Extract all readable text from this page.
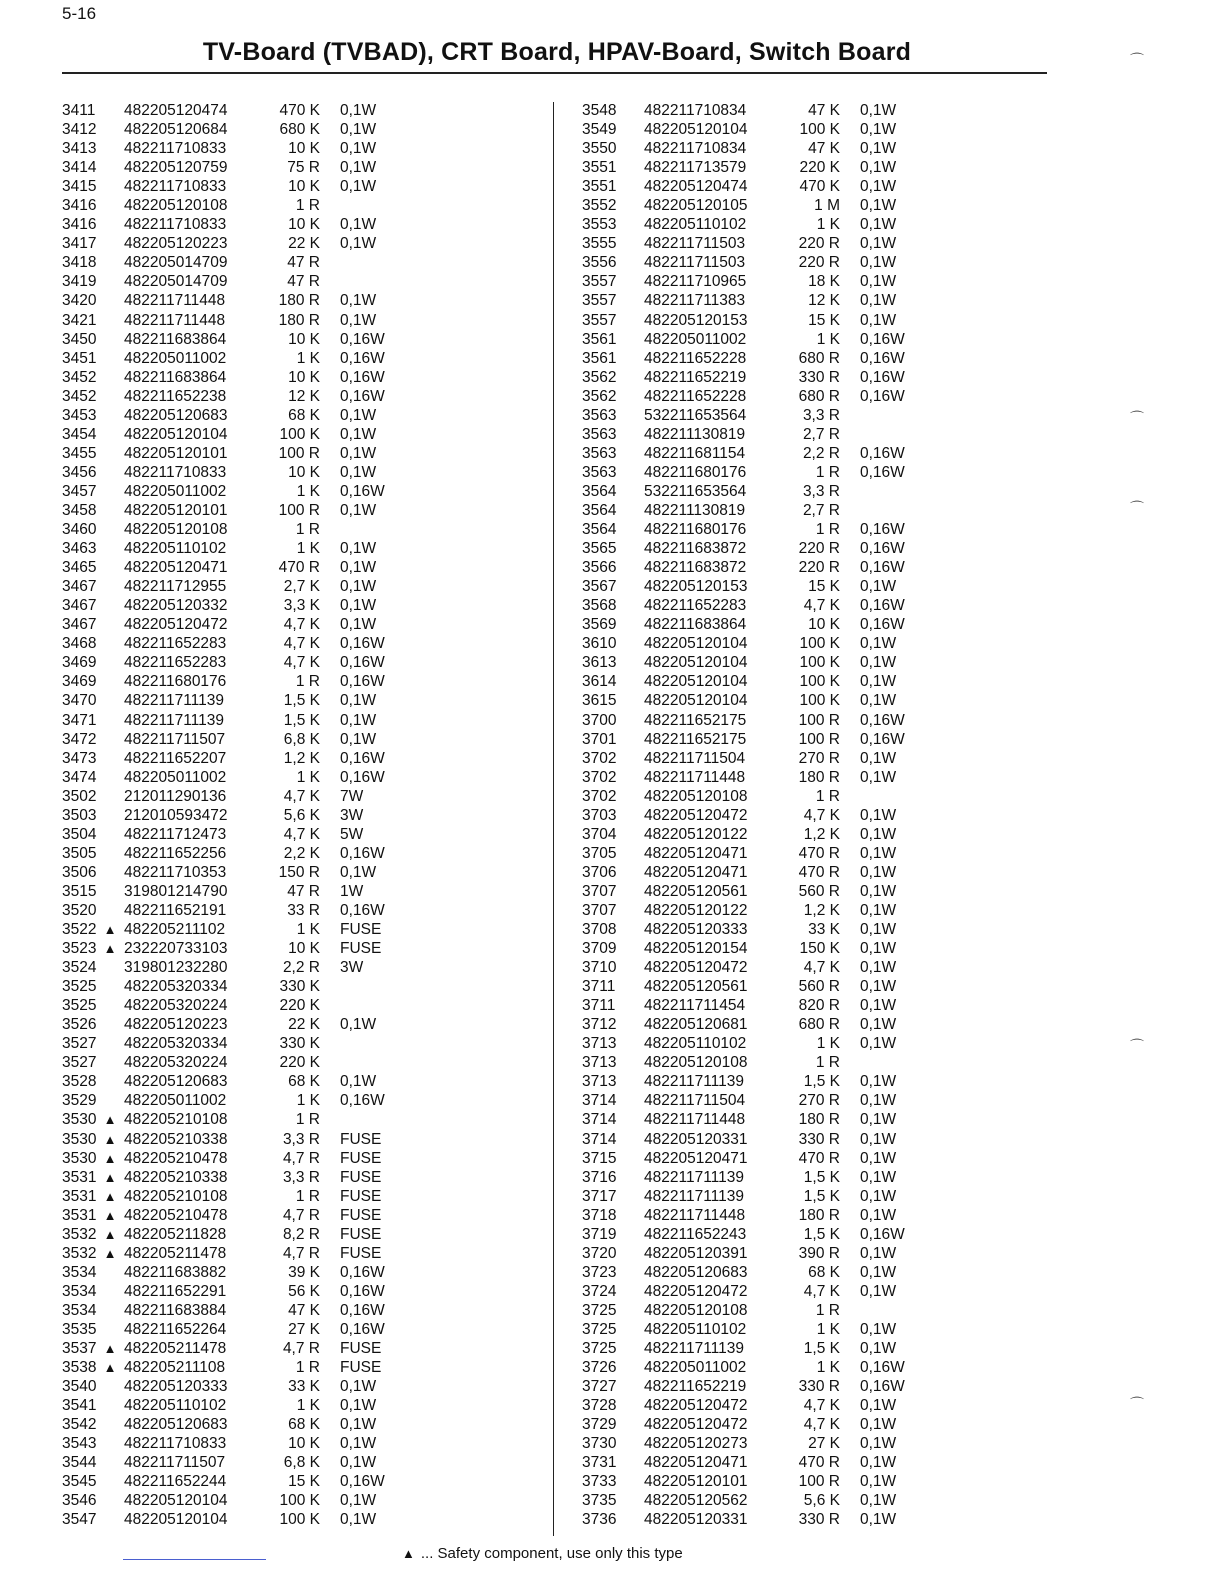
5-16
TV-Board (TVBAD), CRT Board, HPAV-Board, Switch Board
3411 482205120474	470 K 0,1W
3412 482205120684	680 K 0,1W
3413 482211710833	10 K 0,1W
3414 482205120759	75 R 0,1W
3415 482211710833	10 K 0,1W
3416 482205120108	1 R
3416 482211710833	10 K 0,1W
3417 482205120223	22 K 0,1W
3418 482205014709	47 R
3419 482205014709	47 R
3420 482211711448	180 R 0,1W
3421 482211711448	180 R 0,1W
3450 482211683864	10 K 0,16W
3451 482205011002	1 K 0,16W
3452 482211683864	10 K 0,16W
3452 482211652238	12 K 0,16W
3453 482205120683	68 K 0,1W
3454 482205120104	100 K 0,1W
3455 482205120101	100 R 0,1W
3456 482211710833	10 K 0,1W
3457 482205011002	1 K 0,16W
3458 482205120101	100 R 0,1W
3460 482205120108	1 R
3463 482205110102	1 K 0,1W
3465 482205120471	470 R 0,1W
3467 482211712955	2,7 K 0,1W
3467 482205120332	3,3 K 0,1W
3467 482205120472	4,7 K 0,1W
3468 482211652283	4,7 K 0,16W
3469 482211652283	4,7 K 0,16W
3469 482211680176	1 R 0,16W
3470 482211711139	1,5 K 0,1W
3471 482211711139	1,5 K 0,1W
3472 482211711507	6,8 K 0,1W
3473 482211652207	1,2 K 0,16W
3474 482205011002	1 K 0,16W
3502 212011290136	4,7 K 7W
3503 212010593472	5,6 K 3W
3504 482211712473	4,7 K 5W
3505 482211652256	2,2 K 0,16W
3506 482211710353	150 R 0,1W
3515 319801214790	47 R 1W
3520 482211652191	33 R 0,16W
3522 ▲ 482205211102	1 K FUSE
3523 ▲ 232220733103	10 K FUSE
3524 319801232280	2,2 R 3W
3525 482205320334	330 K
3525 482205320224	220 K
3526 482205120223	22 K 0,1W
3527 482205320334	330 K
3527 482205320224	220 K
3528 482205120683	68 K 0,1W
3529 482205011002	1 K 0,16W
3530 ▲ 482205210108	1 R
3530 ▲ 482205210338	3,3 R FUSE
3530 ▲ 482205210478	4,7 R FUSE
3531 ▲ 482205210338	3,3 R FUSE
3531 ▲ 482205210108	1 R FUSE
3531 ▲ 482205210478	4,7 R FUSE
3532 ▲ 482205211828	8,2 R FUSE
3532 ▲ 482205211478	4,7 R FUSE
3534 482211683882	39 K 0,16W
3534 482211652291	56 K 0,16W
3534 482211683884	47 K 0,16W
3535 482211652264	27 K 0,16W
3537 ▲ 482205211478	4,7 R FUSE
3538 ▲ 482205211108	1 R FUSE
3540 482205120333	33 K 0,1W
3541 482205110102	1 K 0,1W
3542 482205120683	68 K 0,1W
3543 482211710833	10 K 0,1W
3544 482211711507	6,8 K 0,1W
3545 482211652244	15 K 0,16W
3546 482205120104	100 K 0,1W
3547 482205120104	100 K 0,1W
3548 482211710834	47 K 0,1W
3549 482205120104	100 K 0,1W
3550 482211710834	47 K 0,1W
3551 482211713579	220 K 0,1W
3551 482205120474	470 K 0,1W
3552 482205120105	1 M 0,1W
3553 482205110102	1 K 0,1W
3555 482211711503	220 R 0,1W
3556 482211711503	220 R 0,1W
3557 482211710965	18 K 0,1W
3557 482211711383	12 K 0,1W
3557 482205120153	15 K 0,1W
3561 482205011002	1 K 0,16W
3561 482211652228	680 R 0,16W
3562 482211652219	330 R 0,16W
3562 482211652228	680 R 0,16W
3563 532211653564	3,3 R
3563 482211130819	2,7 R
3563 482211681154	2,2 R 0,16W
3563 482211680176	1 R 0,16W
3564 532211653564	3,3 R
3564 482211130819	2,7 R
3564 482211680176	1 R 0,16W
3565 482211683872	220 R 0,16W
3566 482211683872	220 R 0,16W
3567 482205120153	15 K 0,1W
3568 482211652283	4,7 K 0,16W
3569 482211683864	10 K 0,16W
3610 482205120104	100 K 0,1W
3613 482205120104	100 K 0,1W
3614 482205120104	100 K 0,1W
3615 482205120104	100 K 0,1W
3700 482211652175	100 R 0,16W
3701 482211652175	100 R 0,16W
3702 482211711504	270 R 0,1W
3702 482211711448	180 R 0,1W
3702 482205120108	1 R
3703 482205120472	4,7 K 0,1W
3704 482205120122	1,2 K 0,1W
3705 482205120471	470 R 0,1W
3706 482205120471	470 R 0,1W
3707 482205120561	560 R 0,1W
3707 482205120122	1,2 K 0,1W
3708 482205120333	33 K 0,1W
3709 482205120154	150 K 0,1W
3710 482205120472	4,7 K 0,1W
3711 482205120561	560 R 0,1W
3711 482211711454	820 R 0,1W
3712 482205120681	680 R 0,1W
3713 482205110102	1 K 0,1W
3713 482205120108	1 R
3713 482211711139	1,5 K 0,1W
3714 482211711504	270 R 0,1W
3714 482211711448	180 R 0,1W
3714 482205120331	330 R 0,1W
3715 482205120471	470 R 0,1W
3716 482211711139	1,5 K 0,1W
3717 482211711139	1,5 K 0,1W
3718 482211711448	180 R 0,1W
3719 482211652243	1,5 K 0,16W
3720 482205120391	390 R 0,1W
3723 482205120683	68 K 0,1W
3724 482205120472	4,7 K 0,1W
3725 482205120108	1 R
3725 482205110102	1 K 0,1W
3725 482211711139	1,5 K 0,1W
3726 482205011002	1 K 0,16W
3727 482211652219	330 R 0,16W
3728 482205120472	4,7 K 0,1W
3729 482205120472	4,7 K 0,1W
3730 482205120273	27 K 0,1W
3731 482205120471	470 R 0,1W
3733 482205120101	100 R 0,1W
3735 482205120562	5,6 K 0,1W
3736 482205120331	330 R 0,1W
⌒
⌒
⌒
⌒
⌒
▲ ... Safety component, use only this type
